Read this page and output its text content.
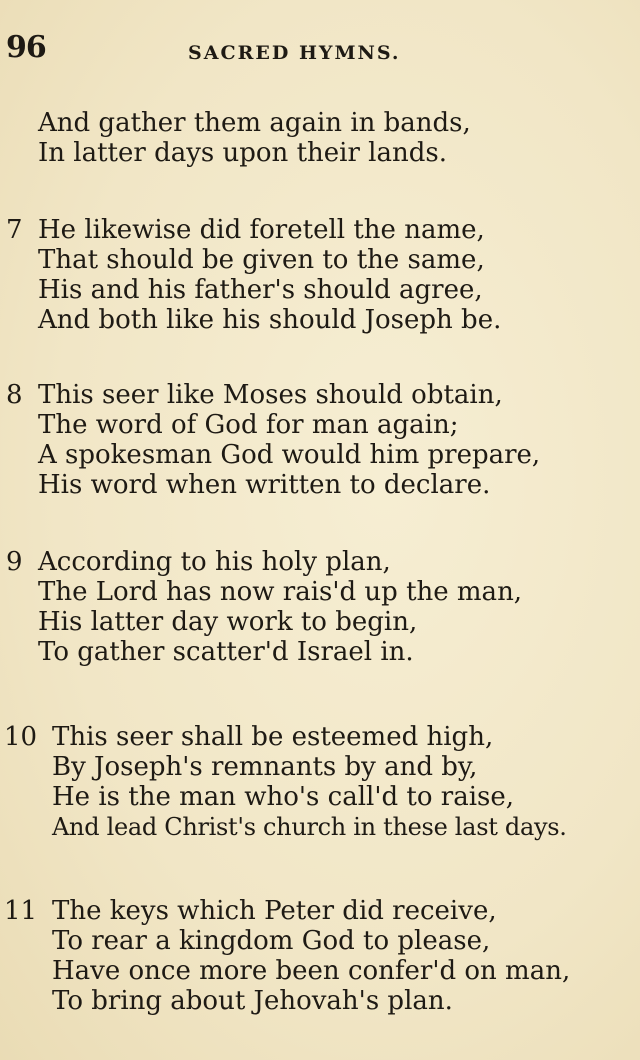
96	SACRED HYMNS.
And gather them again in bands,
In latter days upon their lands.
7 He likewise did foretell the name,
That should be given to the same,
His and his father's should agree,
And both like his should Joseph be.
8 This seer like Moses should obtain,
The word of God for man again;
A spokesman God would him prepare,
His word when written to declare.
9 According to his holy plan,
The Lord has now rais'd up the man,
His latter day work to begin,
To gather scatter'd Israel in.
10 This seer shall be esteemed high,
By Joseph's remnants by and by,
He is the man who's call'd to raise,
And lead Christ's church in these last days.
11 The keys which Peter did receive,
To rear a kingdom God to please,
Have once more been confer'd on man,
To bring about Jehovah's plan.
